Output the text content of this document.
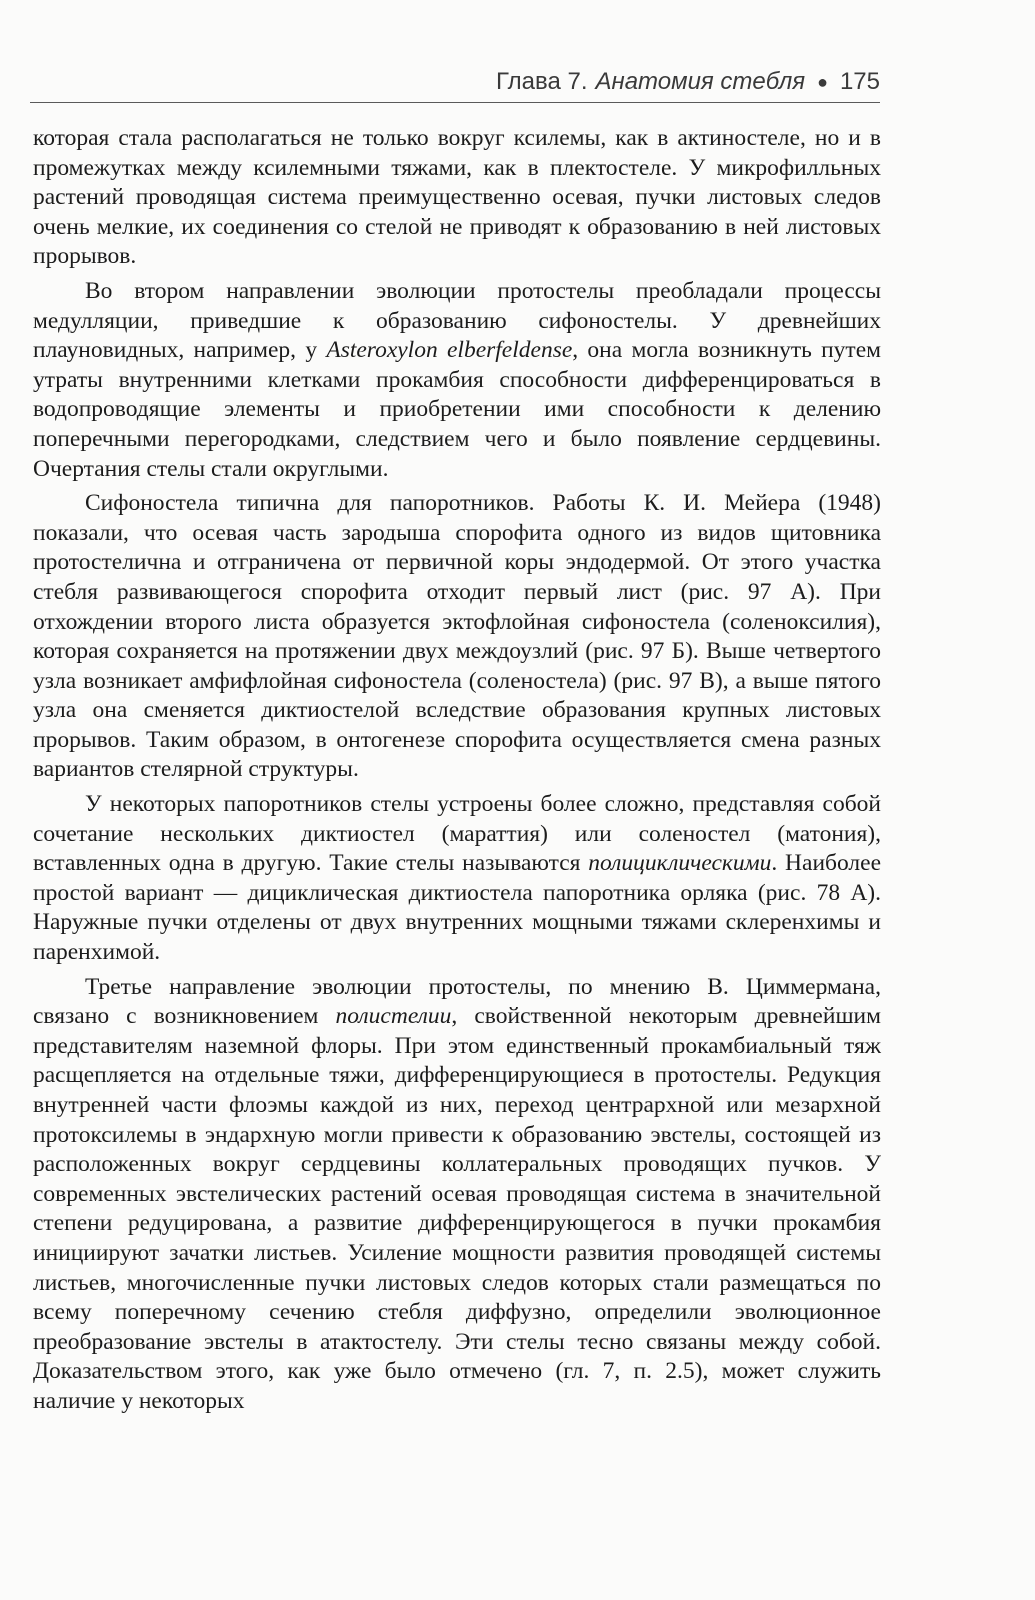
Глава 7. Анатомия стебля ● 175

которая стала располагаться не только вокруг ксилемы, как в актиностеле, но и в промежутках между ксилемными тяжами, как в плектостеле. У микрофилльных растений проводящая система преимущественно осевая, пучки листовых следов очень мелкие, их соединения со стелой не приводят к образованию в ней листовых прорывов.

Во втором направлении эволюции протостелы преобладали процессы медулляции, приведшие к образованию сифоностелы. У древнейших плауновидных, например, у Asteroxylon elberfeldense, она могла возникнуть путем утраты внутренними клетками прокамбия способности дифференцироваться в водопроводящие элементы и приобретении ими способности к делению поперечными перегородками, следствием чего и было появление сердцевины. Очертания стелы стали округлыми.

Сифоностела типична для папоротников. Работы К. И. Мейера (1948) показали, что осевая часть зародыша спорофита одного из видов щитовника протостелична и отграничена от первичной коры эндодермой. От этого участка стебля развивающегося спорофита отходит первый лист (рис. 97 А). При отхождении второго листа образуется эктофлойная сифоностела (соленоксилия), которая сохраняется на протяжении двух междоузлий (рис. 97 Б). Выше четвертого узла возникает амфифлойная сифоностела (соленостела) (рис. 97 В), а выше пятого узла она сменяется диктиостелой вследствие образования крупных листовых прорывов. Таким образом, в онтогенезе спорофита осуществляется смена разных вариантов стелярной структуры.

У некоторых папоротников стелы устроены более сложно, представляя собой сочетание нескольких диктиостел (мараттия) или соленостел (матония), вставленных одна в другую. Такие стелы называются полициклическими. Наиболее простой вариант — дициклическая диктиостела папоротника орляка (рис. 78 А). Наружные пучки отделены от двух внутренних мощными тяжами склеренхимы и паренхимой.

Третье направление эволюции протостелы, по мнению В. Циммермана, связано с возникновением полистелии, свойственной некоторым древнейшим представителям наземной флоры. При этом единственный прокамбиальный тяж расщепляется на отдельные тяжи, дифференцирующиеся в протостелы. Редукция внутренней части флоэмы каждой из них, переход центрархной или мезархной протоксилемы в эндархную могли привести к образованию эвстелы, состоящей из расположенных вокруг сердцевины коллатеральных проводящих пучков. У современных эвстелических растений осевая проводящая система в значительной степени редуцирована, а развитие дифференцирующегося в пучки прокамбия инициируют зачатки листьев. Усиление мощности развития проводящей системы листьев, многочисленные пучки листовых следов которых стали размещаться по всему поперечному сечению стебля диффузно, определили эволюционное преобразование эвстелы в атактостелу. Эти стелы тесно связаны между собой. Доказательством этого, как уже было отмечено (гл. 7, п. 2.5), может служить наличие у некоторых
